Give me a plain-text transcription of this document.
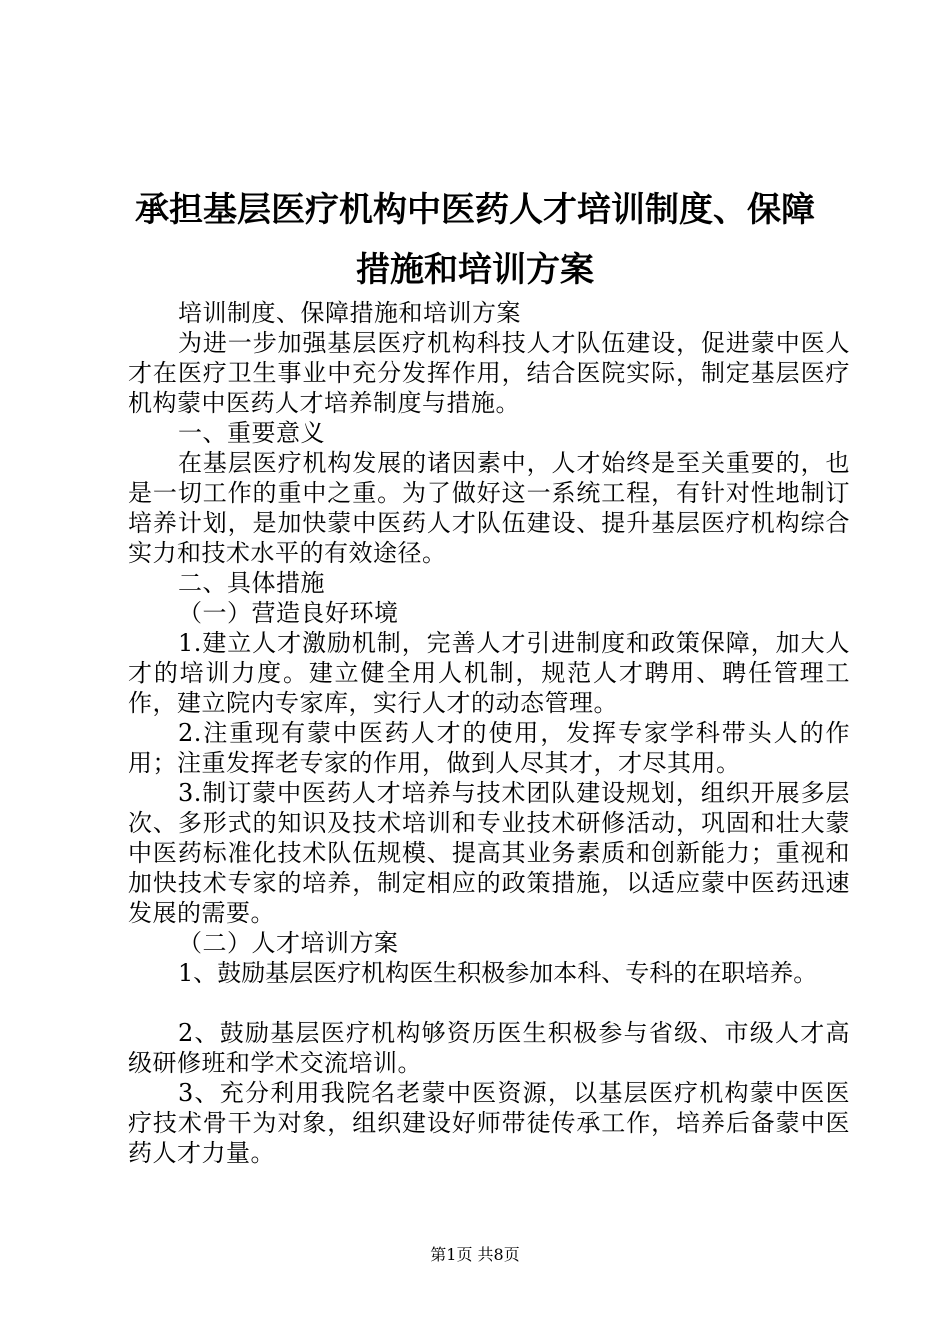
承担基层医疗机构中医药人才培训制度、保障
措施和培训方案

培训制度、保障措施和培训方案

为进一步加强基层医疗机构科技人才队伍建设，促进蒙中医人才在医疗卫生事业中充分发挥作用，结合医院实际，制定基层医疗机构蒙中医药人才培养制度与措施。

一、重要意义

在基层医疗机构发展的诸因素中，人才始终是至关重要的，也是一切工作的重中之重。为了做好这一系统工程，有针对性地制订培养计划，是加快蒙中医药人才队伍建设、提升基层医疗机构综合实力和技术水平的有效途径。

二、具体措施

（一）营造良好环境

1.建立人才激励机制，完善人才引进制度和政策保障，加大人才的培训力度。建立健全用人机制，规范人才聘用、聘任管理工作，建立院内专家库，实行人才的动态管理。

2.注重现有蒙中医药人才的使用，发挥专家学科带头人的作用；注重发挥老专家的作用，做到人尽其才，才尽其用。

3.制订蒙中医药人才培养与技术团队建设规划，组织开展多层次、多形式的知识及技术培训和专业技术研修活动，巩固和壮大蒙中医药标准化技术队伍规模、提高其业务素质和创新能力；重视和加快技术专家的培养，制定相应的政策措施，以适应蒙中医药迅速发展的需要。

（二）人才培训方案

1、鼓励基层医疗机构医生积极参加本科、专科的在职培养。

2、鼓励基层医疗机构够资历医生积极参与省级、市级人才高级研修班和学术交流培训。

3、充分利用我院名老蒙中医资源，以基层医疗机构蒙中医医疗技术骨干为对象，组织建设好师带徒传承工作，培养后备蒙中医药人才力量。

第1页 共8页
